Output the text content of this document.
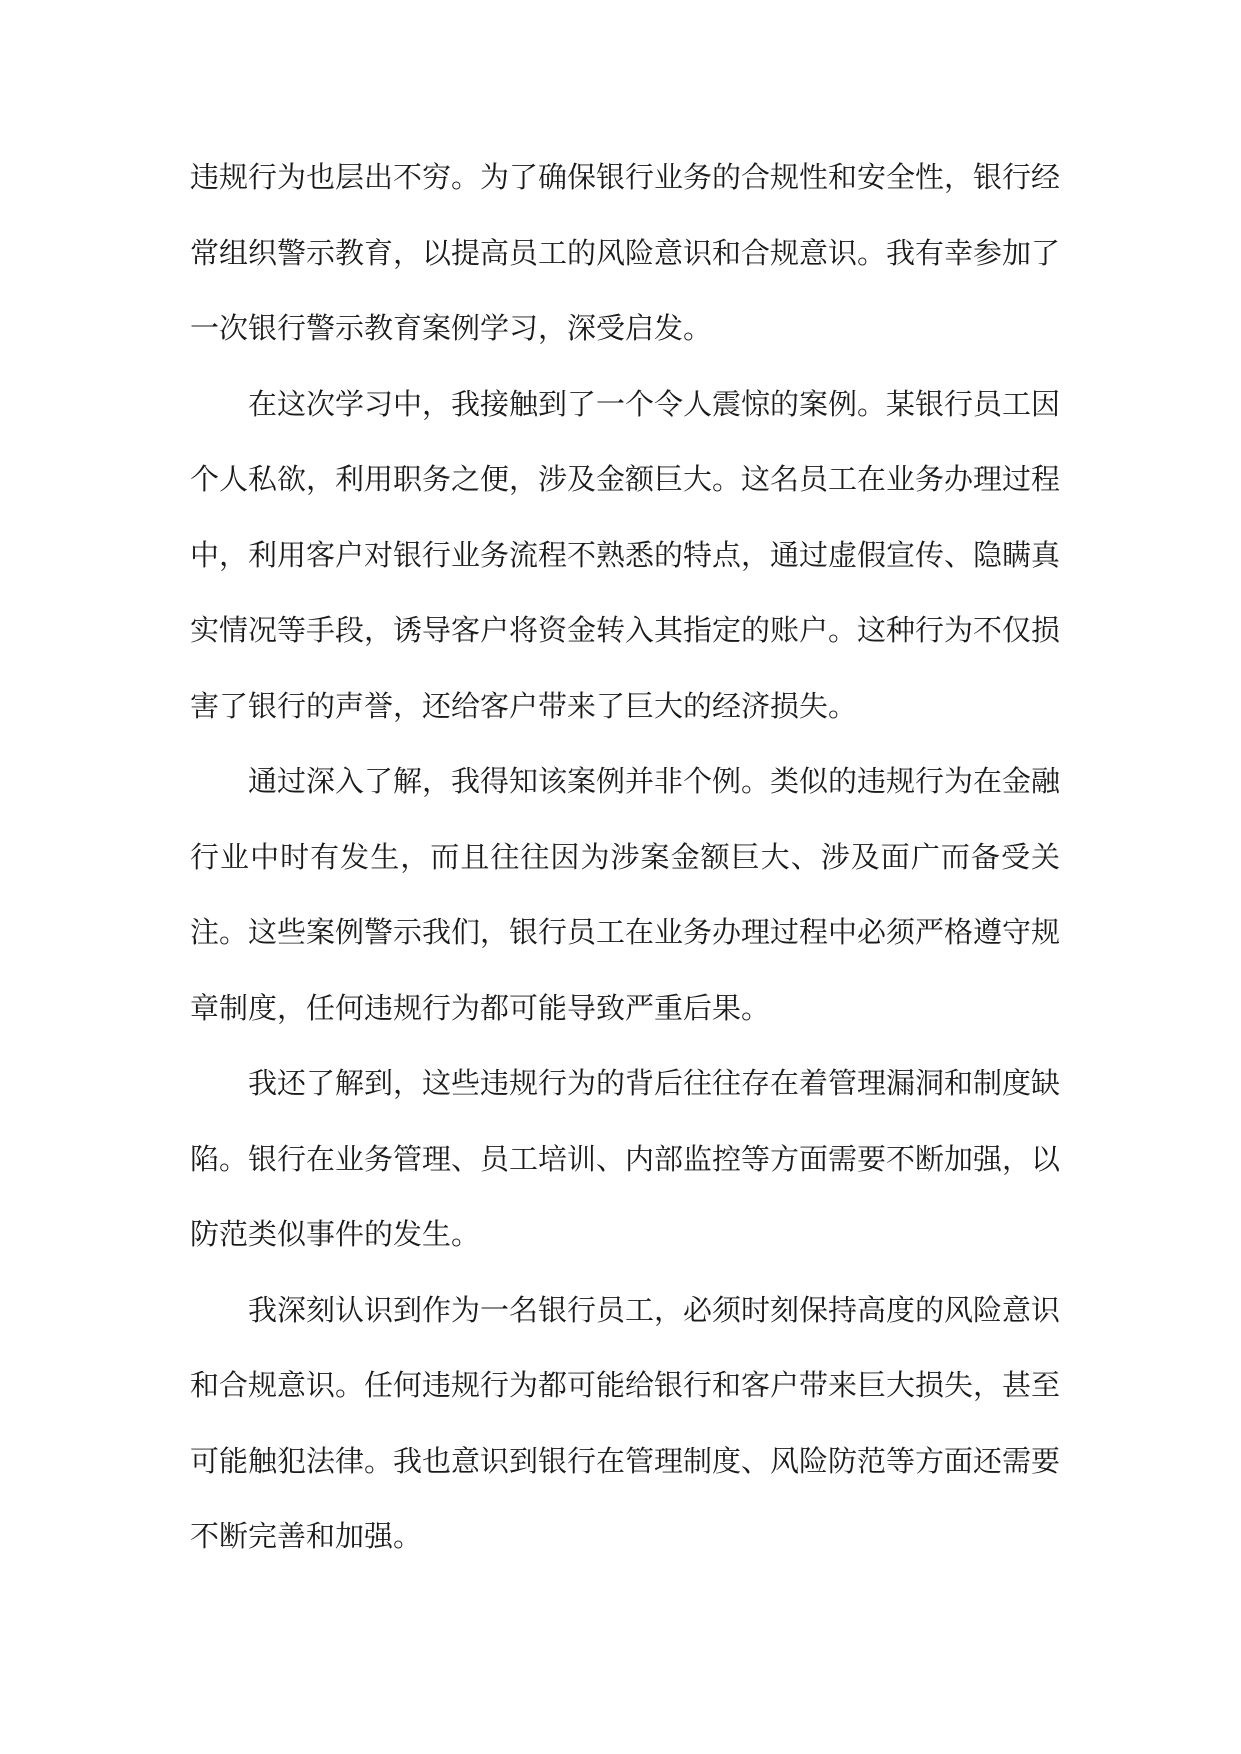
违规行为也层出不穷。为了确保银行业务的合规性和安全性，银行经常组织警示教育，以提高员工的风险意识和合规意识。我有幸参加了一次银行警示教育案例学习，深受启发。

在这次学习中，我接触到了一个令人震惊的案例。某银行员工因个人私欲，利用职务之便，涉及金额巨大。这名员工在业务办理过程中，利用客户对银行业务流程不熟悉的特点，通过虚假宣传、隐瞒真实情况等手段，诱导客户将资金转入其指定的账户。这种行为不仅损害了银行的声誉，还给客户带来了巨大的经济损失。

通过深入了解，我得知该案例并非个例。类似的违规行为在金融行业中时有发生，而且往往因为涉案金额巨大、涉及面广而备受关注。这些案例警示我们，银行员工在业务办理过程中必须严格遵守规章制度，任何违规行为都可能导致严重后果。

我还了解到，这些违规行为的背后往往存在着管理漏洞和制度缺陷。银行在业务管理、员工培训、内部监控等方面需要不断加强，以防范类似事件的发生。

我深刻认识到作为一名银行员工，必须时刻保持高度的风险意识和合规意识。任何违规行为都可能给银行和客户带来巨大损失，甚至可能触犯法律。我也意识到银行在管理制度、风险防范等方面还需要不断完善和加强。
